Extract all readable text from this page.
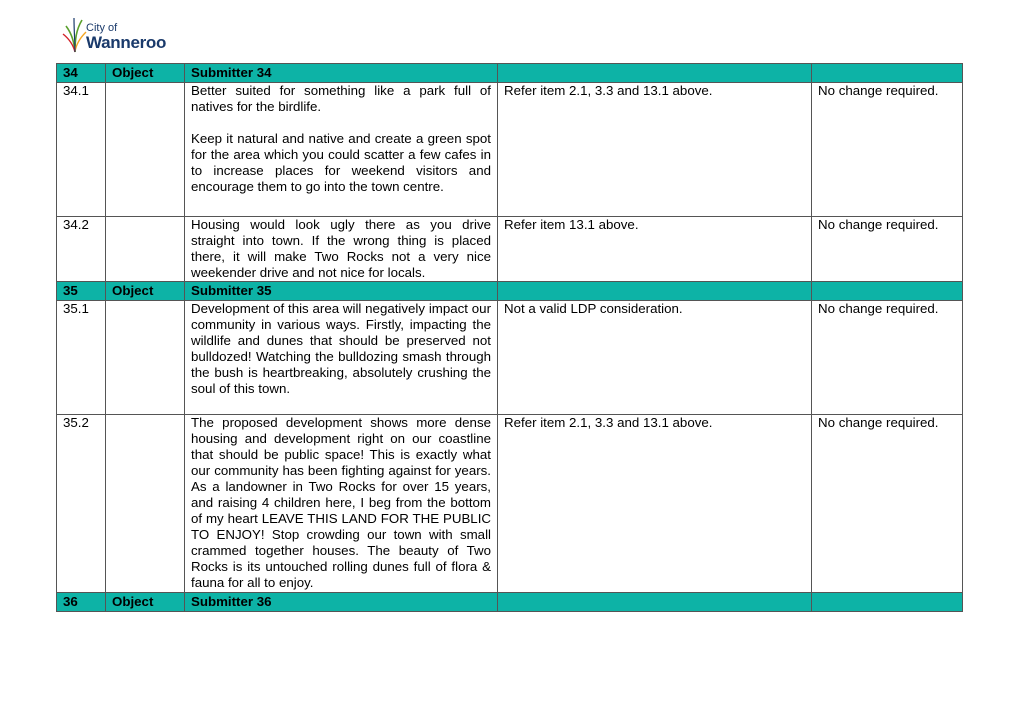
City of
Wanneroo
34	Object	Submitter 34		
34.1		Better suited for something like a park full of natives for the birdlife.
Keep it natural and native and create a green spot for the area which you could scatter a few cafes in to increase places for weekend visitors and encourage them to go into the town centre.	Refer item 2.1, 3.3 and 13.1 above.	No change required.
34.2		Housing would look ugly there as you drive straight into town. If the wrong thing is placed there, it will make Two Rocks not a very nice weekender drive and not nice for locals.	Refer item 13.1 above.	No change required.
35	Object	Submitter 35		
35.1		Development of this area will negatively impact our community in various ways. Firstly, impacting the wildlife and dunes that should be preserved not bulldozed! Watching the bulldozing smash through the bush is heartbreaking, absolutely crushing the soul of this town.	Not a valid LDP consideration.	No change required.
35.2		The proposed development shows more dense housing and development right on our coastline that should be public space! This is exactly what our community has been fighting against for years. As a landowner in Two Rocks for over 15 years, and raising 4 children here, I beg from the bottom of my heart LEAVE THIS LAND FOR THE PUBLIC TO ENJOY! Stop crowding our town with small crammed together houses. The beauty of Two Rocks is its untouched rolling dunes full of flora & fauna for all to enjoy.	Refer item 2.1, 3.3 and 13.1 above.	No change required.
36	Object	Submitter 36		
